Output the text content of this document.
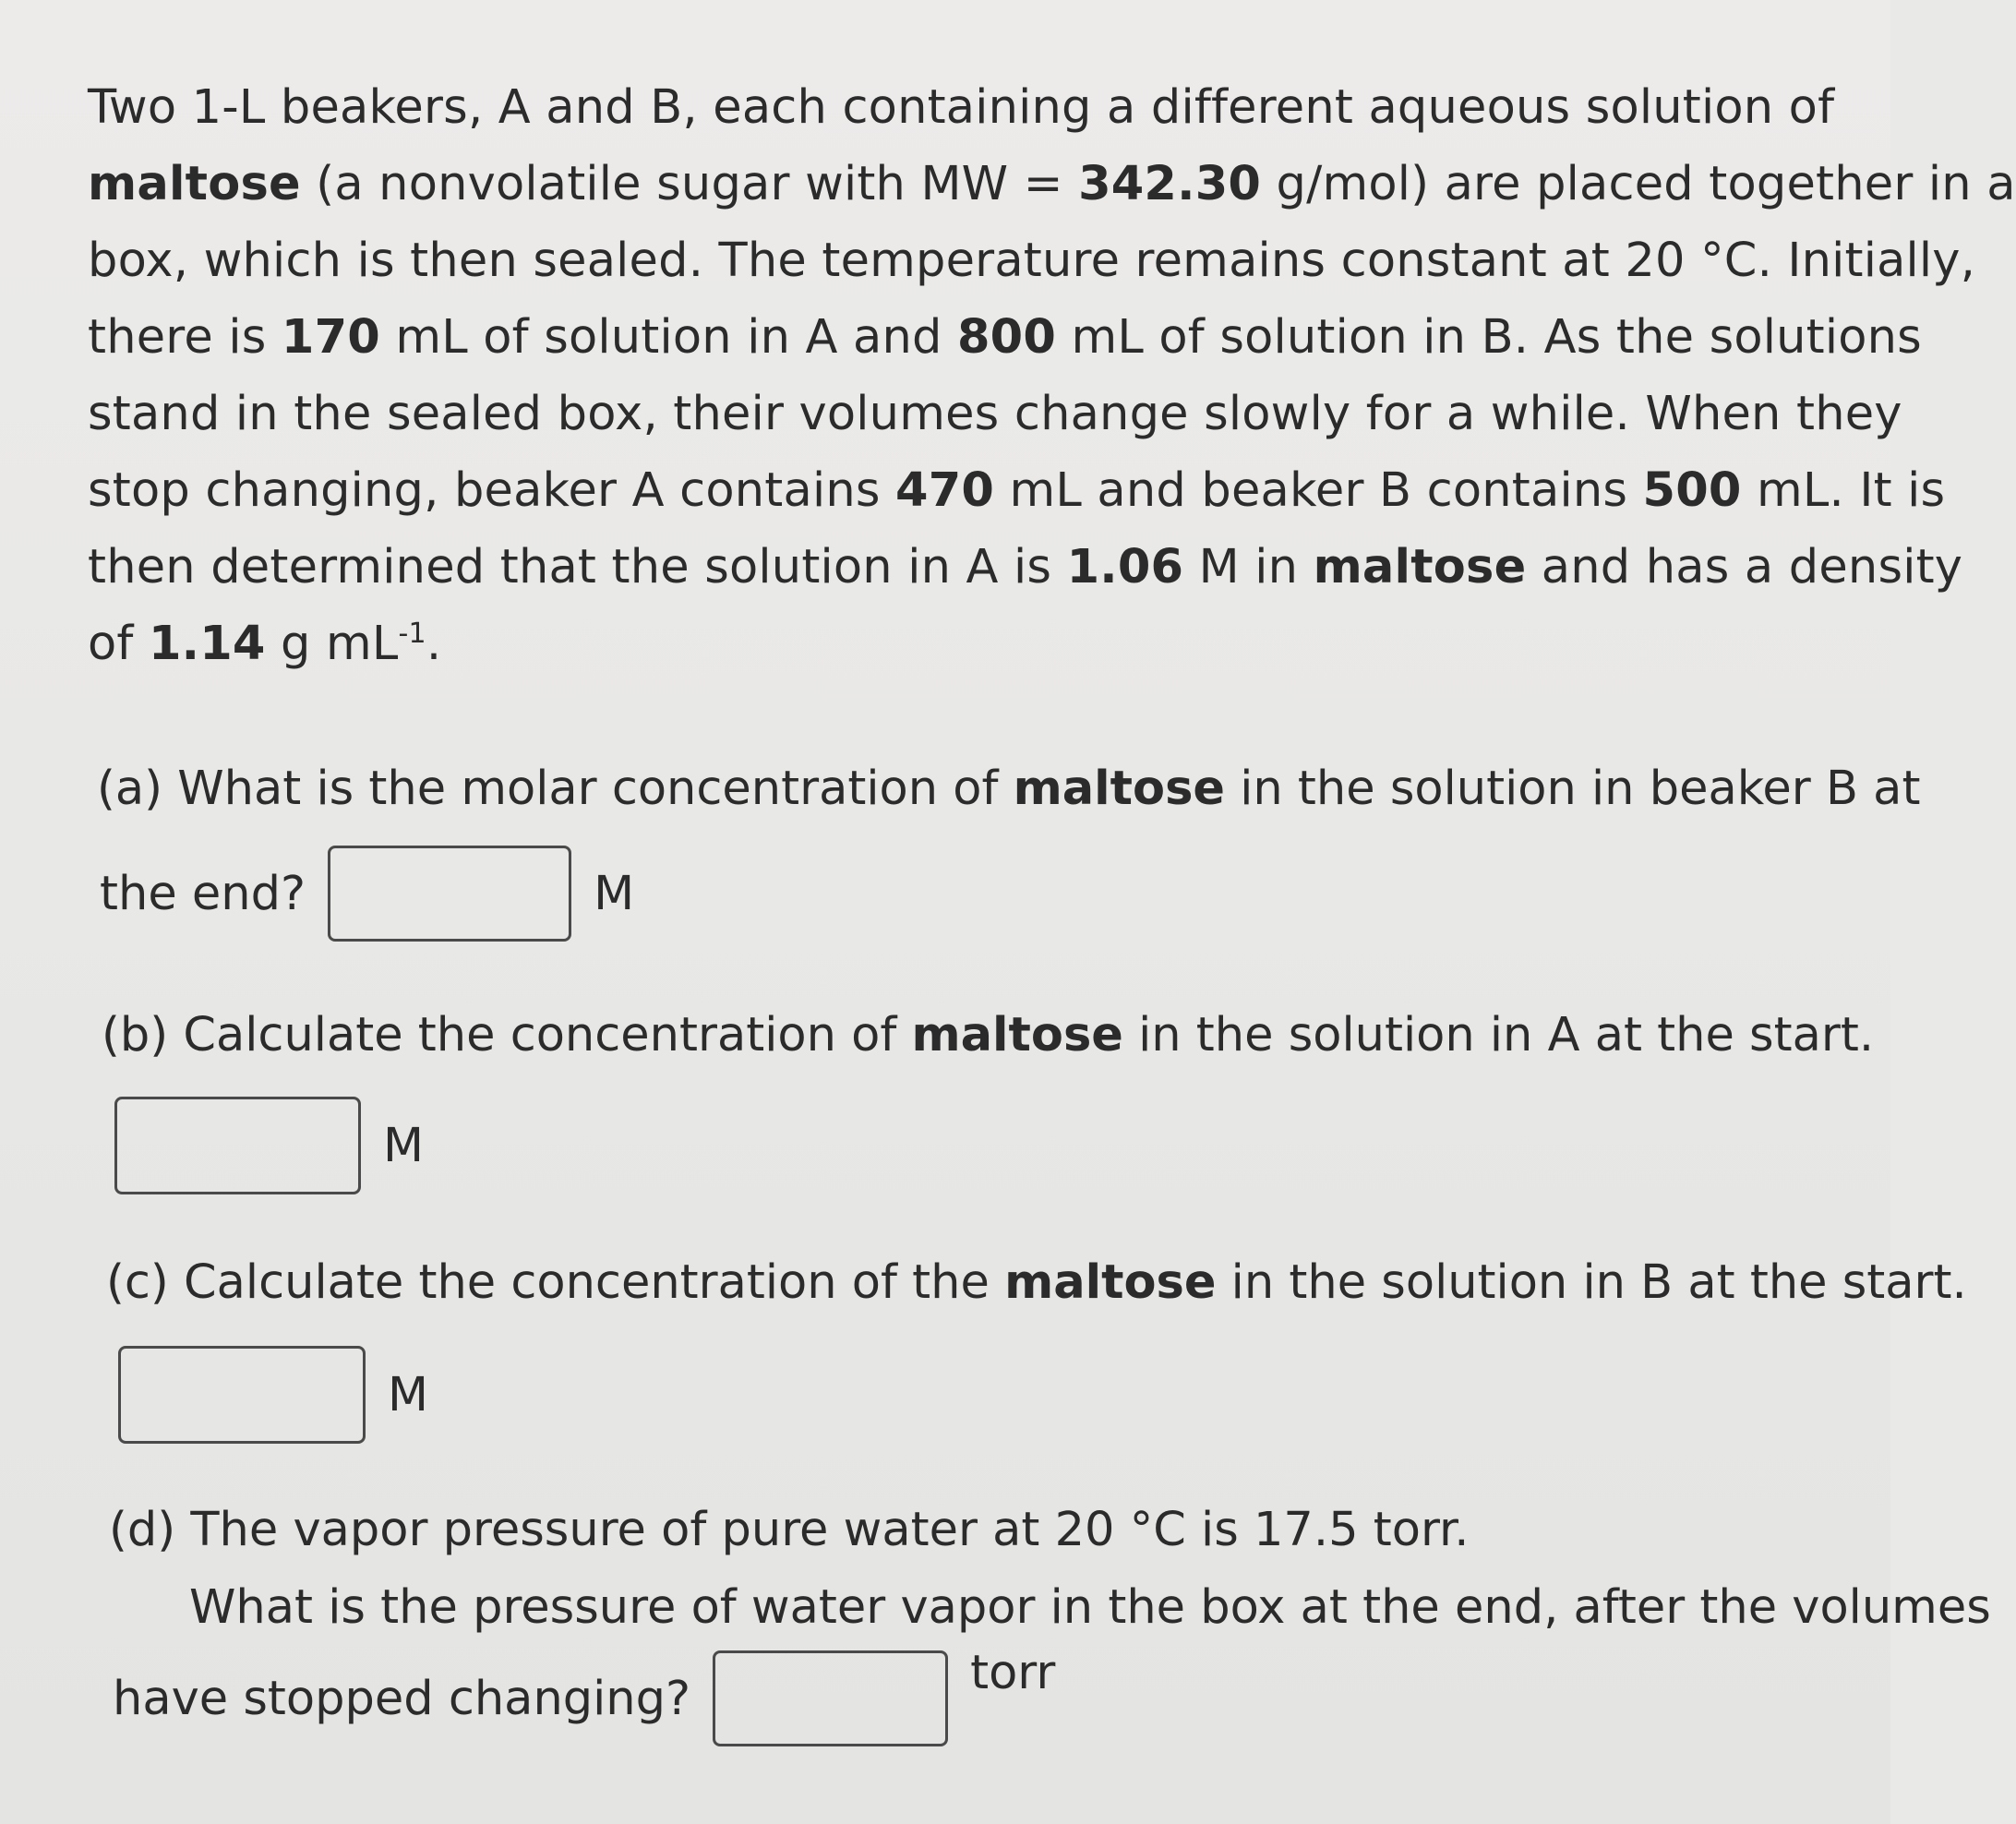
Two 1-L beakers, A and B, each containing a different aqueous solution of
maltose (a nonvolatile sugar with MW = 342.30 g/mol) are placed together in a
box, which is then sealed. The temperature remains constant at 20 °C. Initially,
there is 170 mL of solution in A and 800 mL of solution in B. As the solutions
stand in the sealed box, their volumes change slowly for a while. When they
stop changing, beaker A contains 470 mL and beaker B contains 500 mL. It is
then determined that the solution in A is 1.06 M in maltose and has a density
of 1.14 g $mL^{-1}$.
(a) What is the molar concentration of maltose in the solution in beaker B at
the end?	M
(b) Calculate the concentration of maltose in the solution in A at the start.
M
(c) Calculate the concentration of the maltose in the solution in B at the start.
M
(d) The vapor pressure of pure water at 20 °C is 17.5 torr.
What is the pressure of water vapor in the box at the end, after the volumes
have stopped changing?	torr
